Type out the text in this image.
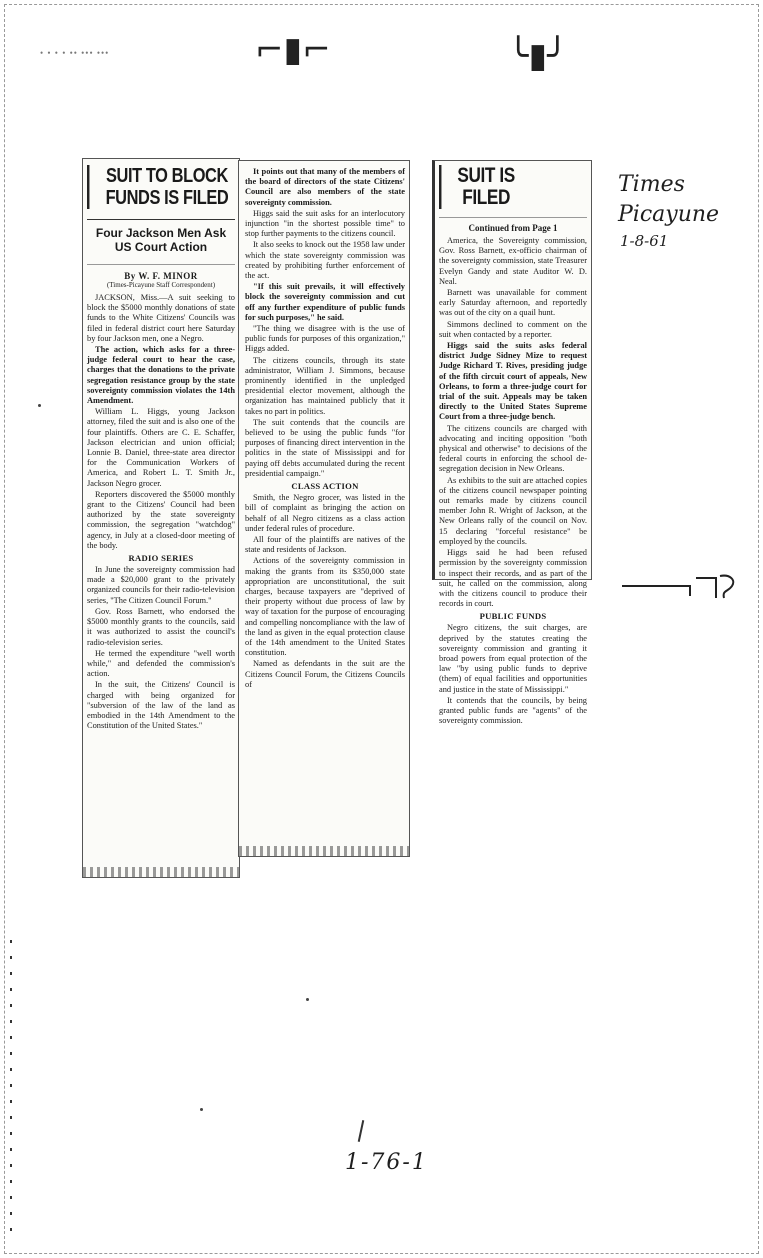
• • • • •• ••• •••	⌐▮⌐	╰▮╯
SUIT TO BLOCK FUNDS IS FILED
Four Jackson Men Ask US Court Action
By W. F. MINOR
(Times-Picayune Staff Correspondent)

JACKSON, Miss.—A suit seeking to block the $5000 monthly donations of state funds to the White Citizens' Councils was filed in federal district court here Saturday by four Jackson men, one a Negro.

The action, which asks for a three-judge federal court to hear the case, charges that the donations to the private segregation resistance group by the state sovereignty commission violates the 14th Amendment.

William L. Higgs, young Jackson attorney, filed the suit and is also one of the four plaintiffs. Others are C. E. Schaffer, Jackson electrician and union official; Lonnie B. Daniel, three-state area director for the Communication Workers of America, and Robert L. T. Smith Jr., Jackson Negro grocer.

Reporters discovered the $5000 monthly grant to the Citizens' Council had been authorized by the state sovereignty commission, the segregation "watchdog" agency, in July at a closed-door meeting of the body.

RADIO SERIES

In June the sovereignty commission had made a $20,000 grant to the privately organized councils for their radio-television series, "The Citizen Council Forum."

Gov. Ross Barnett, who endorsed the $5000 monthly grants to the councils, said it was authorized to assist the council's radio-television series.

He termed the expenditure "well worth while," and defended the commission's action.

In the suit, the Citizens' Council is charged with being organized for "subversion of the law of the land as embodied in the 14th Amendment to the Constitution of the United States."

It points out that many of the members of the board of directors of the state Citizens' Council are also members of the state sovereignty commission.

Higgs said the suit asks for an interlocutory injunction "in the shortest possible time" to stop further payments to the citizens council.

It also seeks to knock out the 1958 law under which the state sovereignty commission was created by prohibiting further enforcement of the act.

"If this suit prevails, it will effectively block the sovereignty commission and cut off any further expenditure of public funds for such purposes," he said.

"The thing we disagree with is the use of public funds for purposes of this organization," Higgs added.

The citizens councils, through its state administrator, William J. Simmons, because prominently identified in the unpledged presidential elector movement, although the organization has maintained publicly that it takes no part in politics.

The suit contends that the councils are believed to be using the public funds "for purposes of financing direct intervention in the politics in the state of Mississippi and for paying off debts accumulated during the recent presidential campaign."

CLASS ACTION

Smith, the Negro grocer, was listed in the bill of complaint as bringing the action on behalf of all Negro citizens as a class action under federal rules of procedure.

All four of the plaintiffs are natives of the state and residents of Jackson.

Actions of the sovereignty commission in making the grants from its $350,000 state appropriation are unconstitutional, the suit charges, because taxpayers are "deprived of their property without due process of law by way of taxation for the purpose of encouraging and compelling noncompliance with the law of the land as given in the equal protection clause of the 14th amendment to the United States constitution.

Named as defendants in the suit are the Citizens Council Forum, the Citizens Councils of

SUIT IS FILED
Continued from Page 1

America, the Sovereignty commission, Gov. Ross Barnett, ex-officio chairman of the sovereignty commission, state Treasurer Evelyn Gandy and state Auditor W. D. Neal.

Barnett was unavailable for comment early Saturday afternoon, and reportedly was out of the city on a quail hunt.

Simmons declined to comment on the suit when contacted by a reporter.

Higgs said the suits asks federal district Judge Sidney Mize to request Judge Richard T. Rives, presiding judge of the fifth circuit court of appeals, New Orleans, to form a three-judge court for trial of the suit. Appeals may be taken directly to the United States Supreme Court from a three-judge bench.

The citizens councils are charged with advocating and inciting opposition "both physical and otherwise" to decisions of the federal courts in enforcing the school de-segregation decision in New Orleans.

As exhibits to the suit are attached copies of the citizens council newspaper pointing out remarks made by citizens council member John R. Wright of Jackson, at the New Orleans rally of the council on Nov. 15 declaring "forceful resistance" be employed by the councils.

Higgs said he had been refused permission by the sovereignty commission to inspect their records, and as part of the suit, he called on the commission, along with the citizens council to produce their records in court.

PUBLIC FUNDS

Negro citizens, the suit charges, are deprived by the statutes creating the sovereignty commission and granting it broad powers from equal protection of the law "by using public funds to deprive (them) of equal facilities and opportunities and justice in the state of Mississippi."

It contends that the councils, by being granted public funds are "agents" of the sovereignty commission.

Times Picayune
1-8-61
1-76-1
